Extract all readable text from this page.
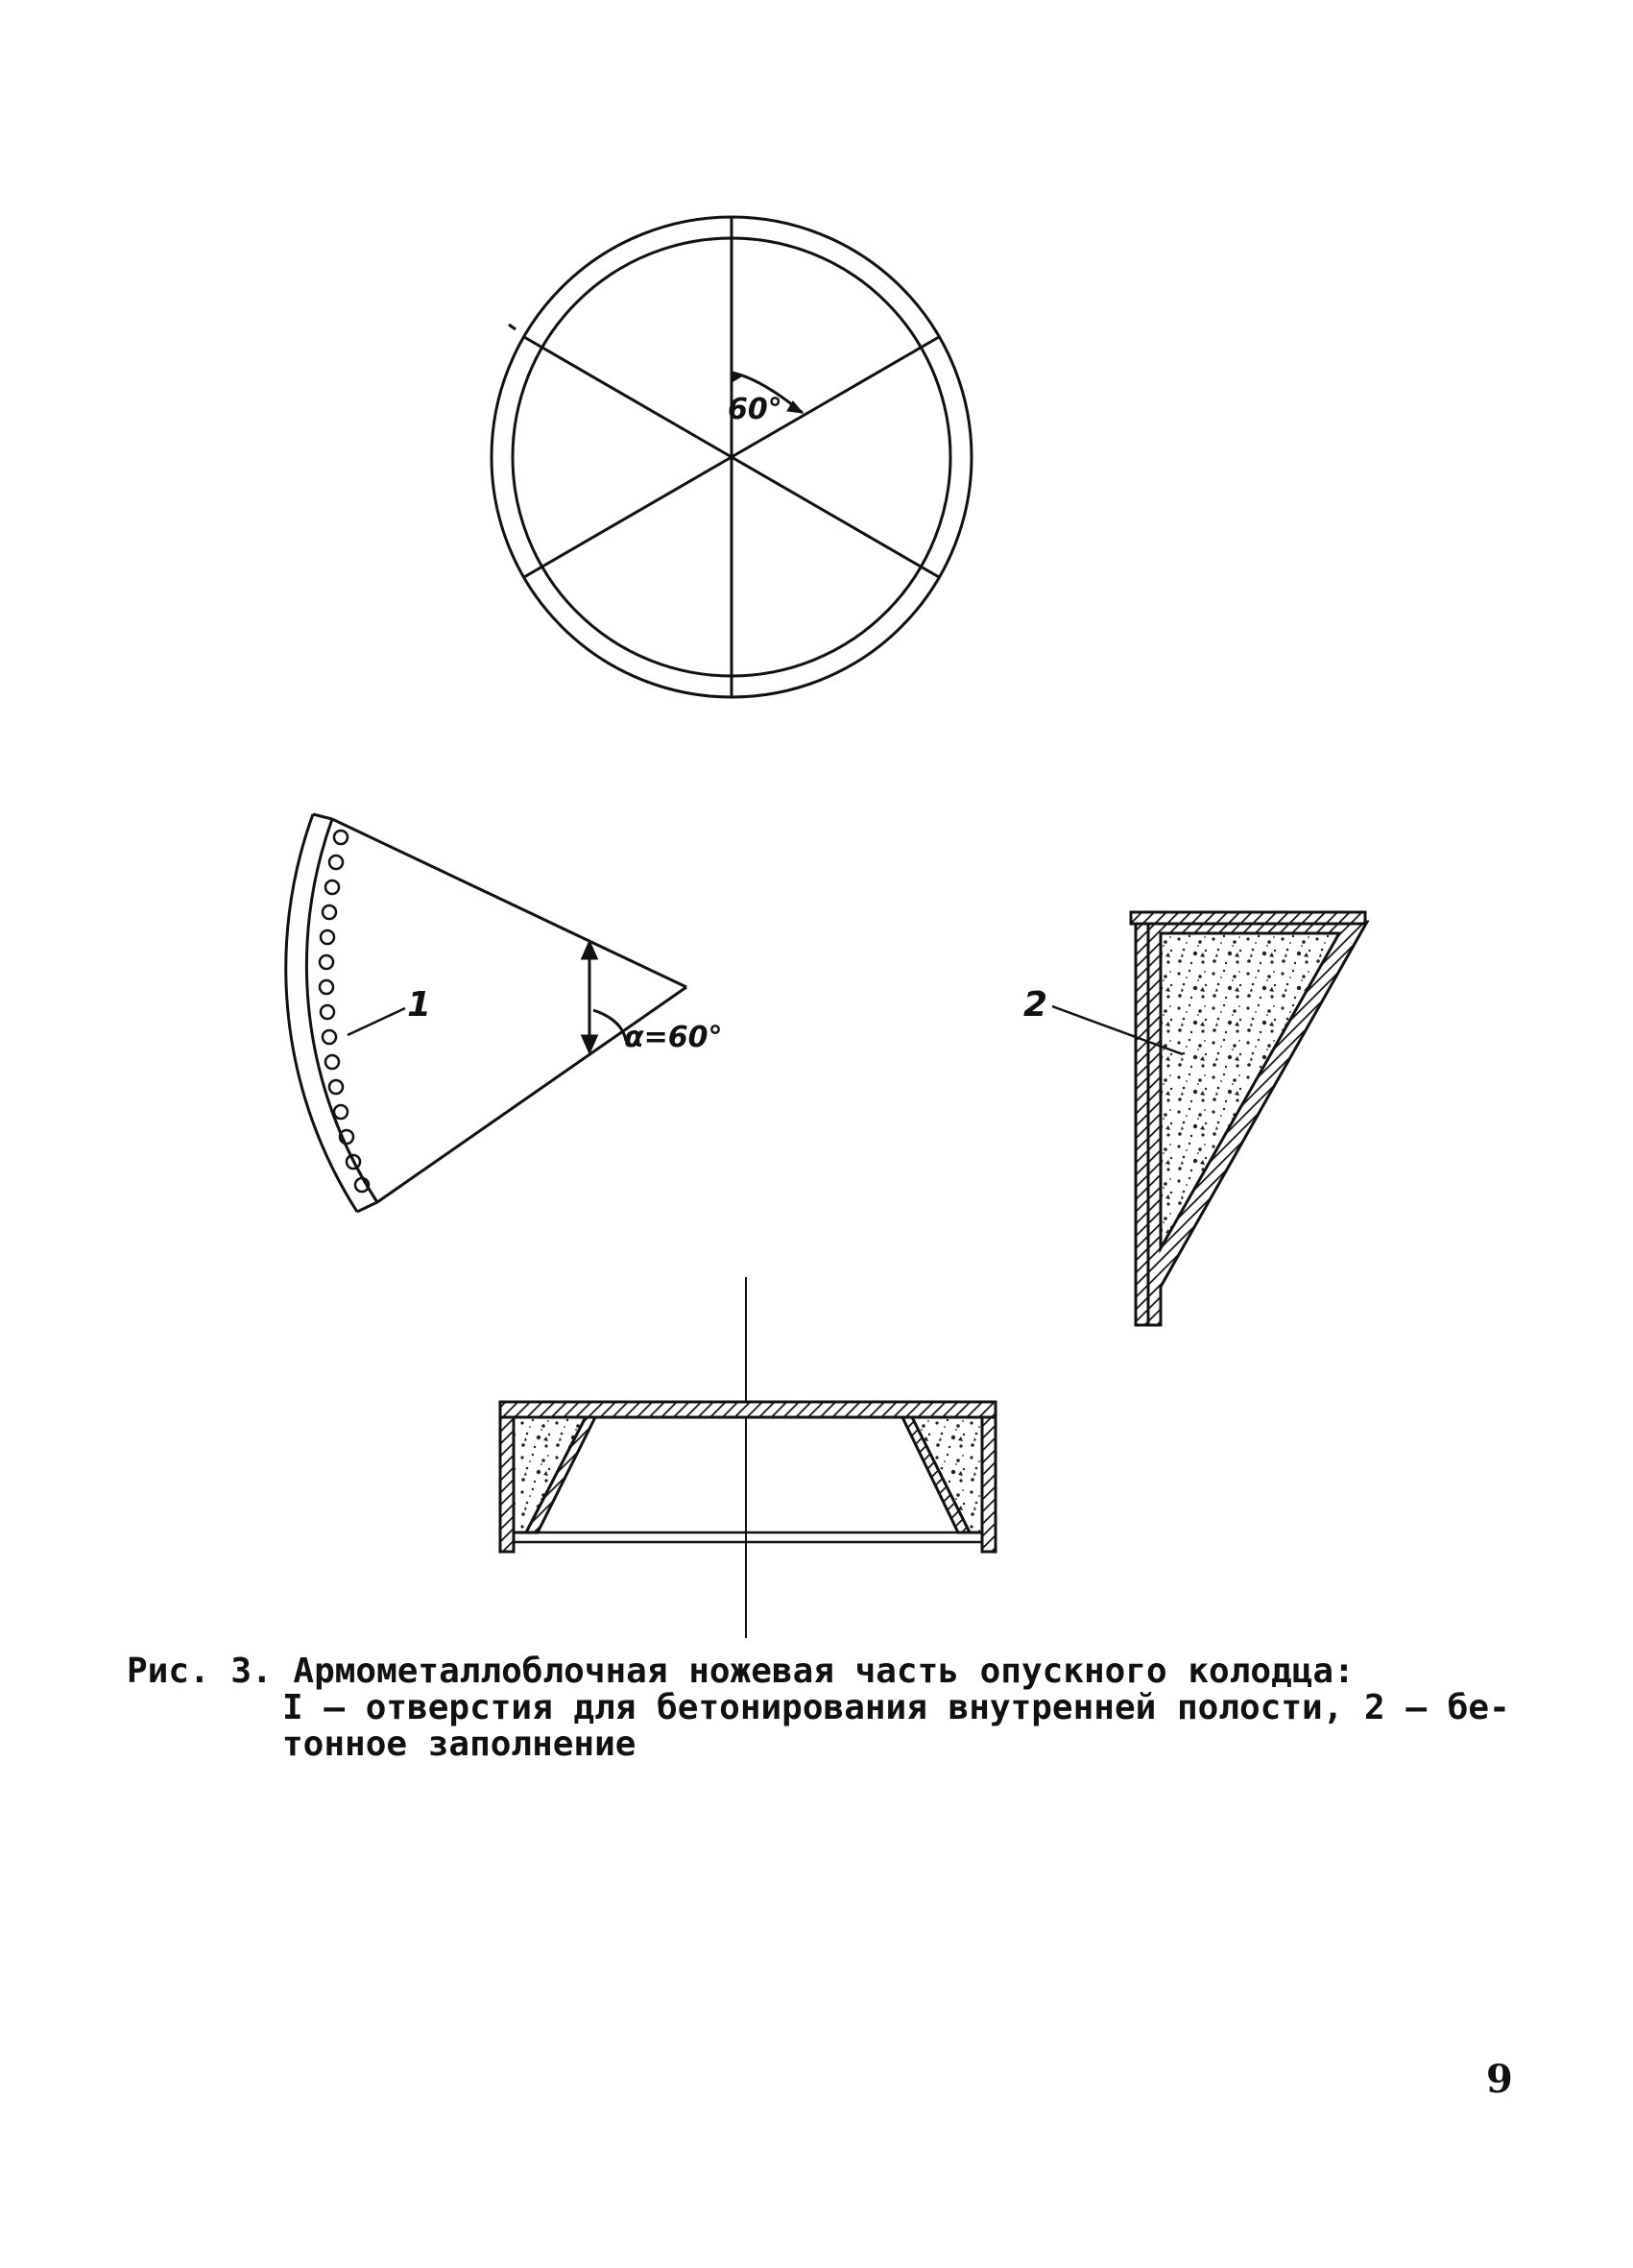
60°
1
α=60°
2
Рис. 3. Армометаллоблочная ножевая часть опускного колодца:
I – отверстия для бетонирования внутренней полости, 2 – бе-
тонное заполнение
9
